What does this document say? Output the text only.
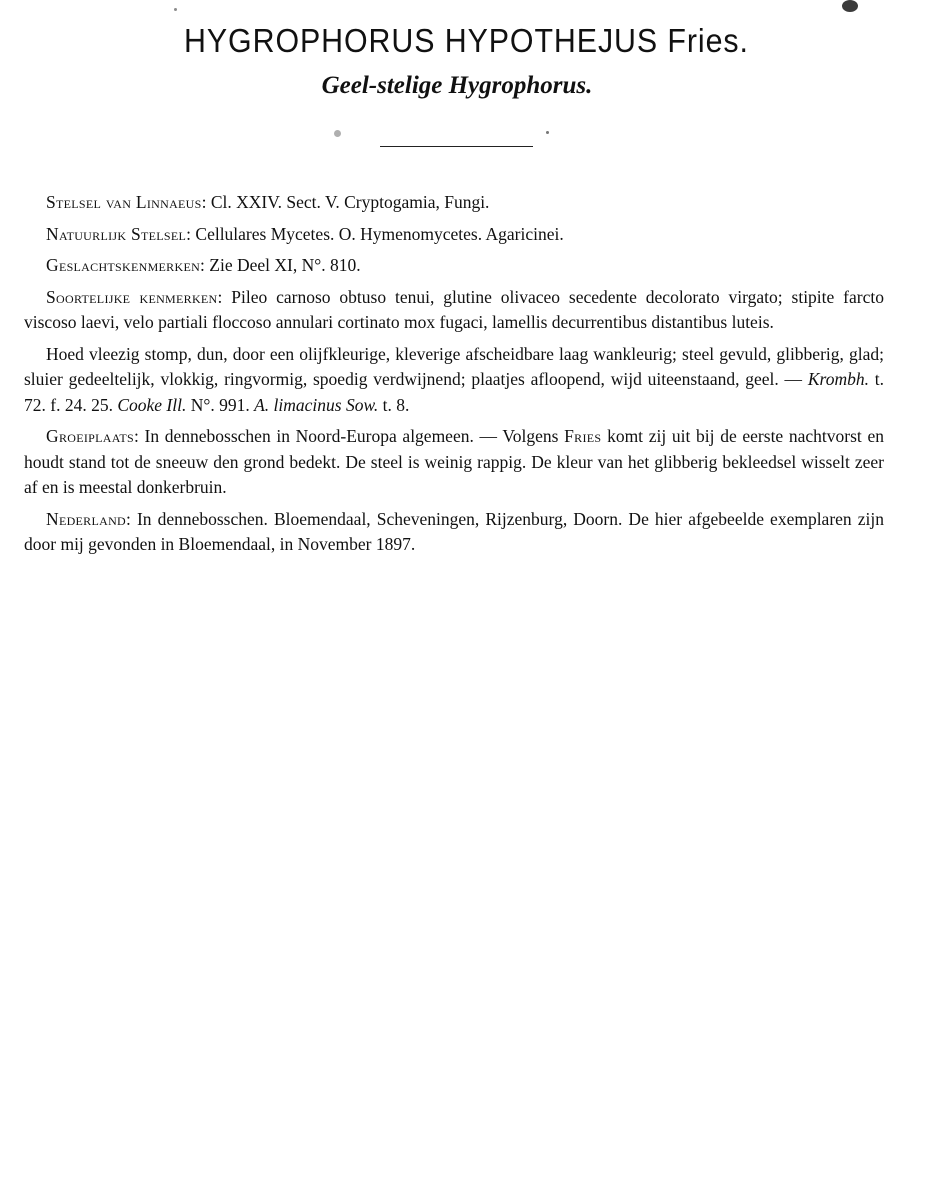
HYGROPHORUS HYPOTHEJUS Fries.
Geel-stelige Hygrophorus.

Stelsel van Linnaeus: Cl. XXIV. Sect. V. Cryptogamia, Fungi.

Natuurlijk Stelsel: Cellulares Mycetes. O. Hymenomycetes. Agaricinei.

Geslachtskenmerken: Zie Deel XI, N°. 810.

Soortelijke kenmerken: Pileo carnoso obtuso tenui, glutine olivaceo secedente decolorato virgato; stipite farcto viscoso laevi, velo partiali floccoso annulari cortinato mox fugaci, lamellis decurrentibus distantibus luteis.

Hoed vleezig stomp, dun, door een olijfkleurige, kleverige afscheidbare laag wankleurig; steel gevuld, glibberig, glad; sluier gedeeltelijk, vlokkig, ringvormig, spoedig verdwijnend; plaatjes afloopend, wijd uiteenstaand, geel. — Krombh. t. 72. f. 24. 25. Cooke Ill. N°. 991. A. limacinus Sow. t. 8.

Groeiplaats: In dennebosschen in Noord-Europa algemeen. — Volgens Fries komt zij uit bij de eerste nachtvorst en houdt stand tot de sneeuw den grond bedekt. De steel is weinig rappig. De kleur van het glibberig bekleedsel wisselt zeer af en is meestal donkerbruin.

Nederland: In dennebosschen. Bloemendaal, Scheveningen, Rijzenburg, Doorn. De hier afgebeelde exemplaren zijn door mij gevonden in Bloemendaal, in November 1897.
